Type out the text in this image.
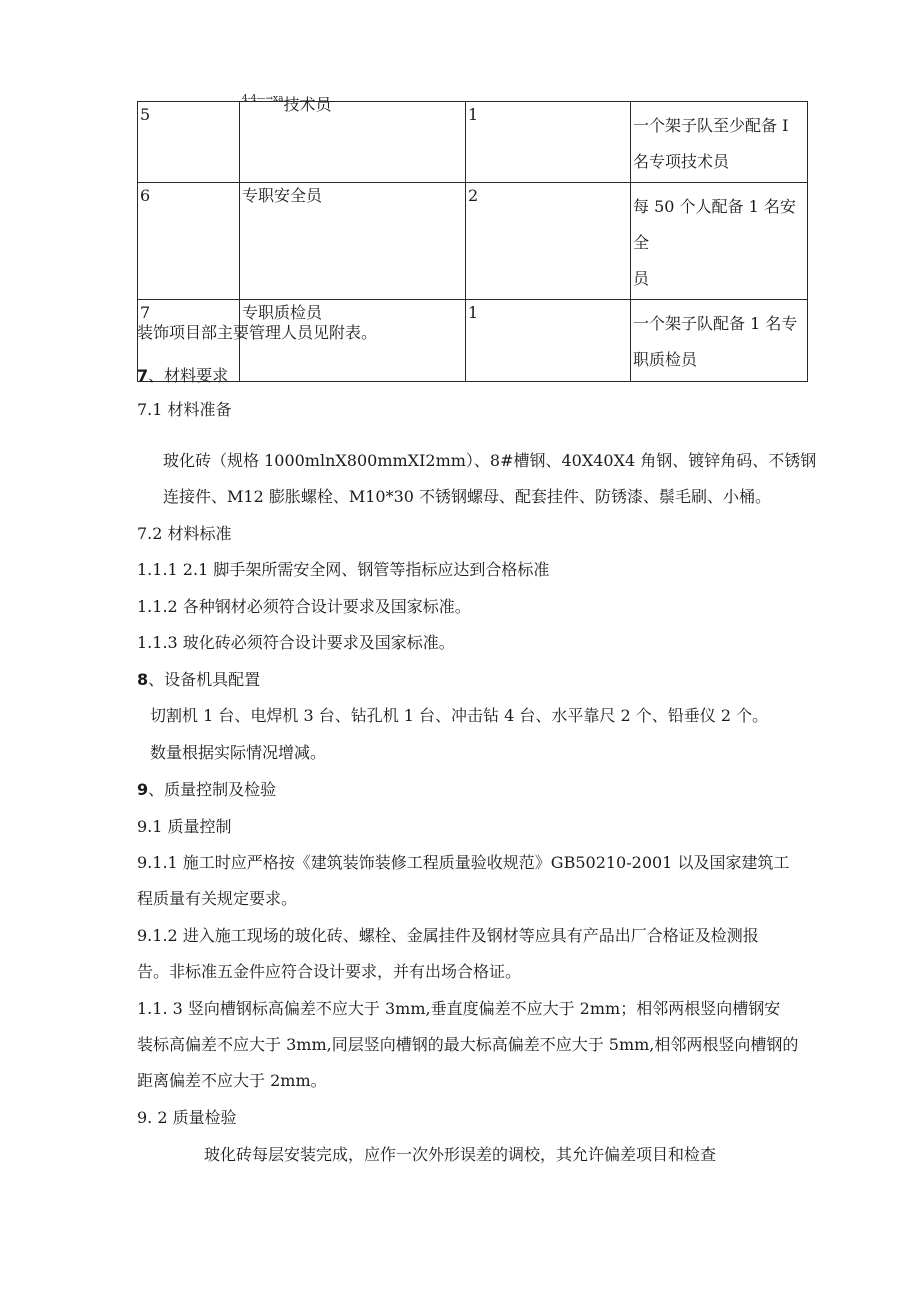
5	$^{4-4—\to xa}$技术员	1	一个架子队至少配备 I
名专项技术员

6	专职安全员	2	每 50 个人配备 1 名安全
员

7	专职质检员	1	一个架子队配备 1 名专
职质检员
装饰项目部主要管理人员见附表。
7、材料要求
7.1 材料准备
玻化砖（规格 1000mlnX800mmXI2mm）、8#槽钢、40X40X4 角钢、镀锌角码、不锈钢
连接件、M12 膨胀螺栓、M10*30 不锈钢螺母、配套挂件、防锈漆、鬃毛刷、小桶。
7.2 材料标准
1.1.1 2.1 脚手架所需安全网、钢管等指标应达到合格标准
1.1.2 各种钢材必须符合设计要求及国家标准。
1.1.3 玻化砖必须符合设计要求及国家标准。
8、设备机具配置
切割机 1 台、电焊机 3 台、钻孔机 1 台、冲击钻 4 台、水平靠尺 2 个、铅垂仪 2 个。
数量根据实际情况增减。
9、质量控制及检验
9.1 质量控制
9.1.1 施工时应严格按《建筑装饰装修工程质量验收规范》GB50210-2001 以及国家建筑工
程质量有关规定要求。
9.1.2 进入施工现场的玻化砖、螺栓、金属挂件及钢材等应具有产品出厂合格证及检测报
告。非标准五金件应符合设计要求，并有出场合格证。
1.1. 3 竖向槽钢标高偏差不应大于 3mm,垂直度偏差不应大于 2mm；相邻两根竖向槽钢安
装标高偏差不应大于 3mm,同层竖向槽钢的最大标高偏差不应大于 5mm,相邻两根竖向槽钢的
距离偏差不应大于 2mm。
9. 2 质量检验
玻化砖每层安装完成，应作一次外形误差的调校，其允许偏差项目和检查
